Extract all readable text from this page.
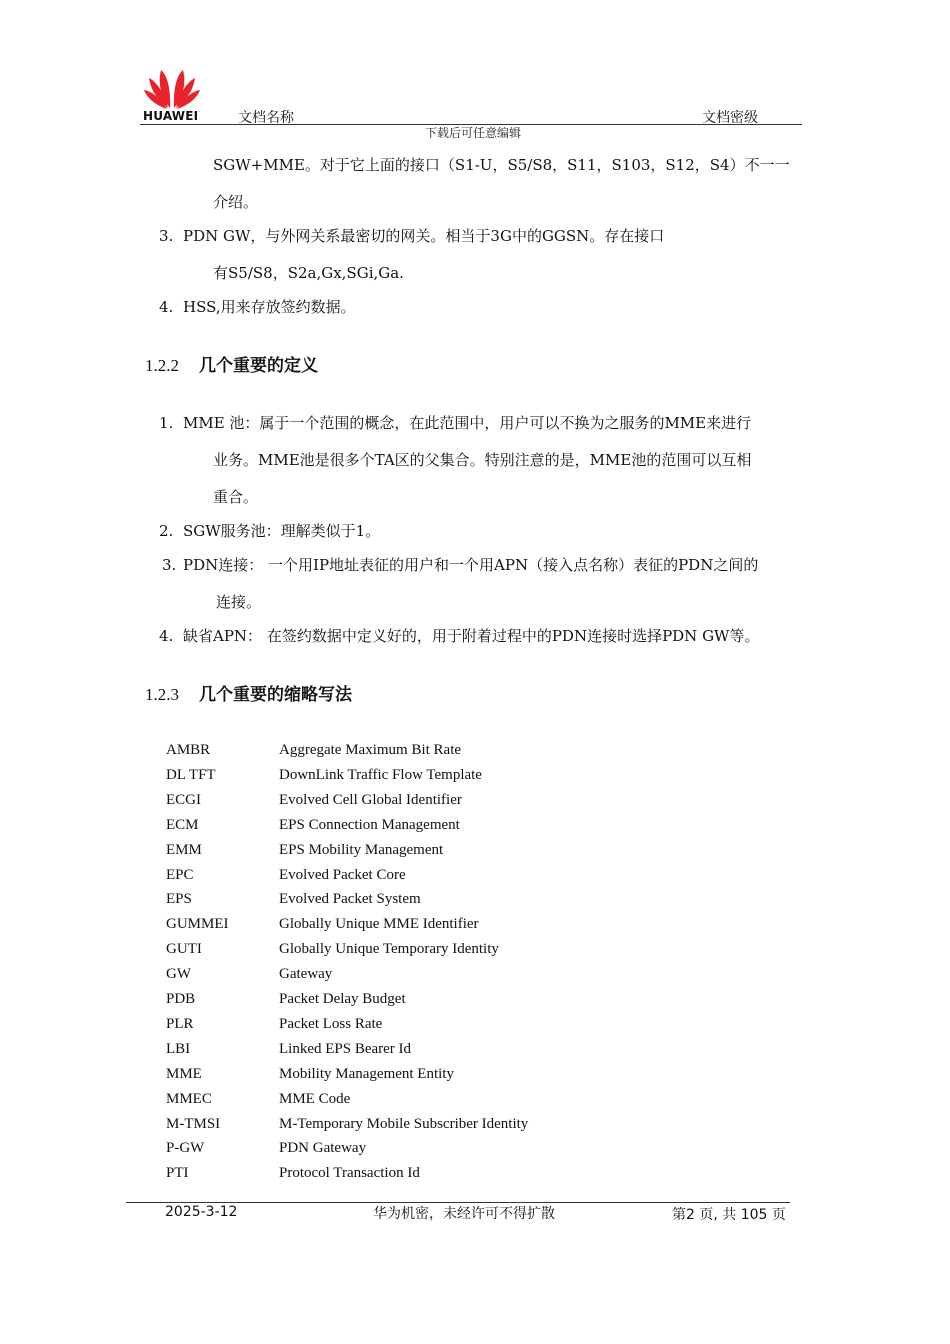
HUAWEI	文档名称	文档密级
下载后可任意编辑
SGW+MME。对于它上面的接口（S1-U，S5/S8，S11，S103，S12，S4）不一一
介绍。
3. PDN GW，与外网关系最密切的网关。相当于3G中的GGSN。存在接口
有S5/S8，S2a,Gx,SGi,Ga.
4. HSS,用来存放签约数据。
1.2.2 几个重要的定义
1. MME 池：属于一个范围的概念，在此范围中，用户可以不换为之服务的MME来进行
业务。MME池是很多个TA区的父集合。特别注意的是，MME池的范围可以互相
重合。
2. SGW服务池：理解类似于1。
3. PDN连接： 一个用IP地址表征的用户和一个用APN（接入点名称）表征的PDN之间的
连接。
4. 缺省APN： 在签约数据中定义好的，用于附着过程中的PDN连接时选择PDN GW等。
1.2.3 几个重要的缩略写法
AMBR	Aggregate Maximum Bit Rate
DL TFT	DownLink Traffic Flow Template
ECGI	Evolved Cell Global Identifier
ECM	EPS Connection Management
EMM	EPS Mobility Management
EPC	Evolved Packet Core
EPS	Evolved Packet System
GUMMEI	Globally Unique MME Identifier
GUTI	Globally Unique Temporary Identity
GW	Gateway
PDB	Packet Delay Budget
PLR	Packet Loss Rate
LBI	Linked EPS Bearer Id
MME	Mobility Management Entity
MMEC	MME Code
M-TMSI	M-Temporary Mobile Subscriber Identity
P-GW	PDN Gateway
PTI	Protocol Transaction Id
2025-3-12	华为机密，未经许可不得扩散	第2 页, 共 105 页
